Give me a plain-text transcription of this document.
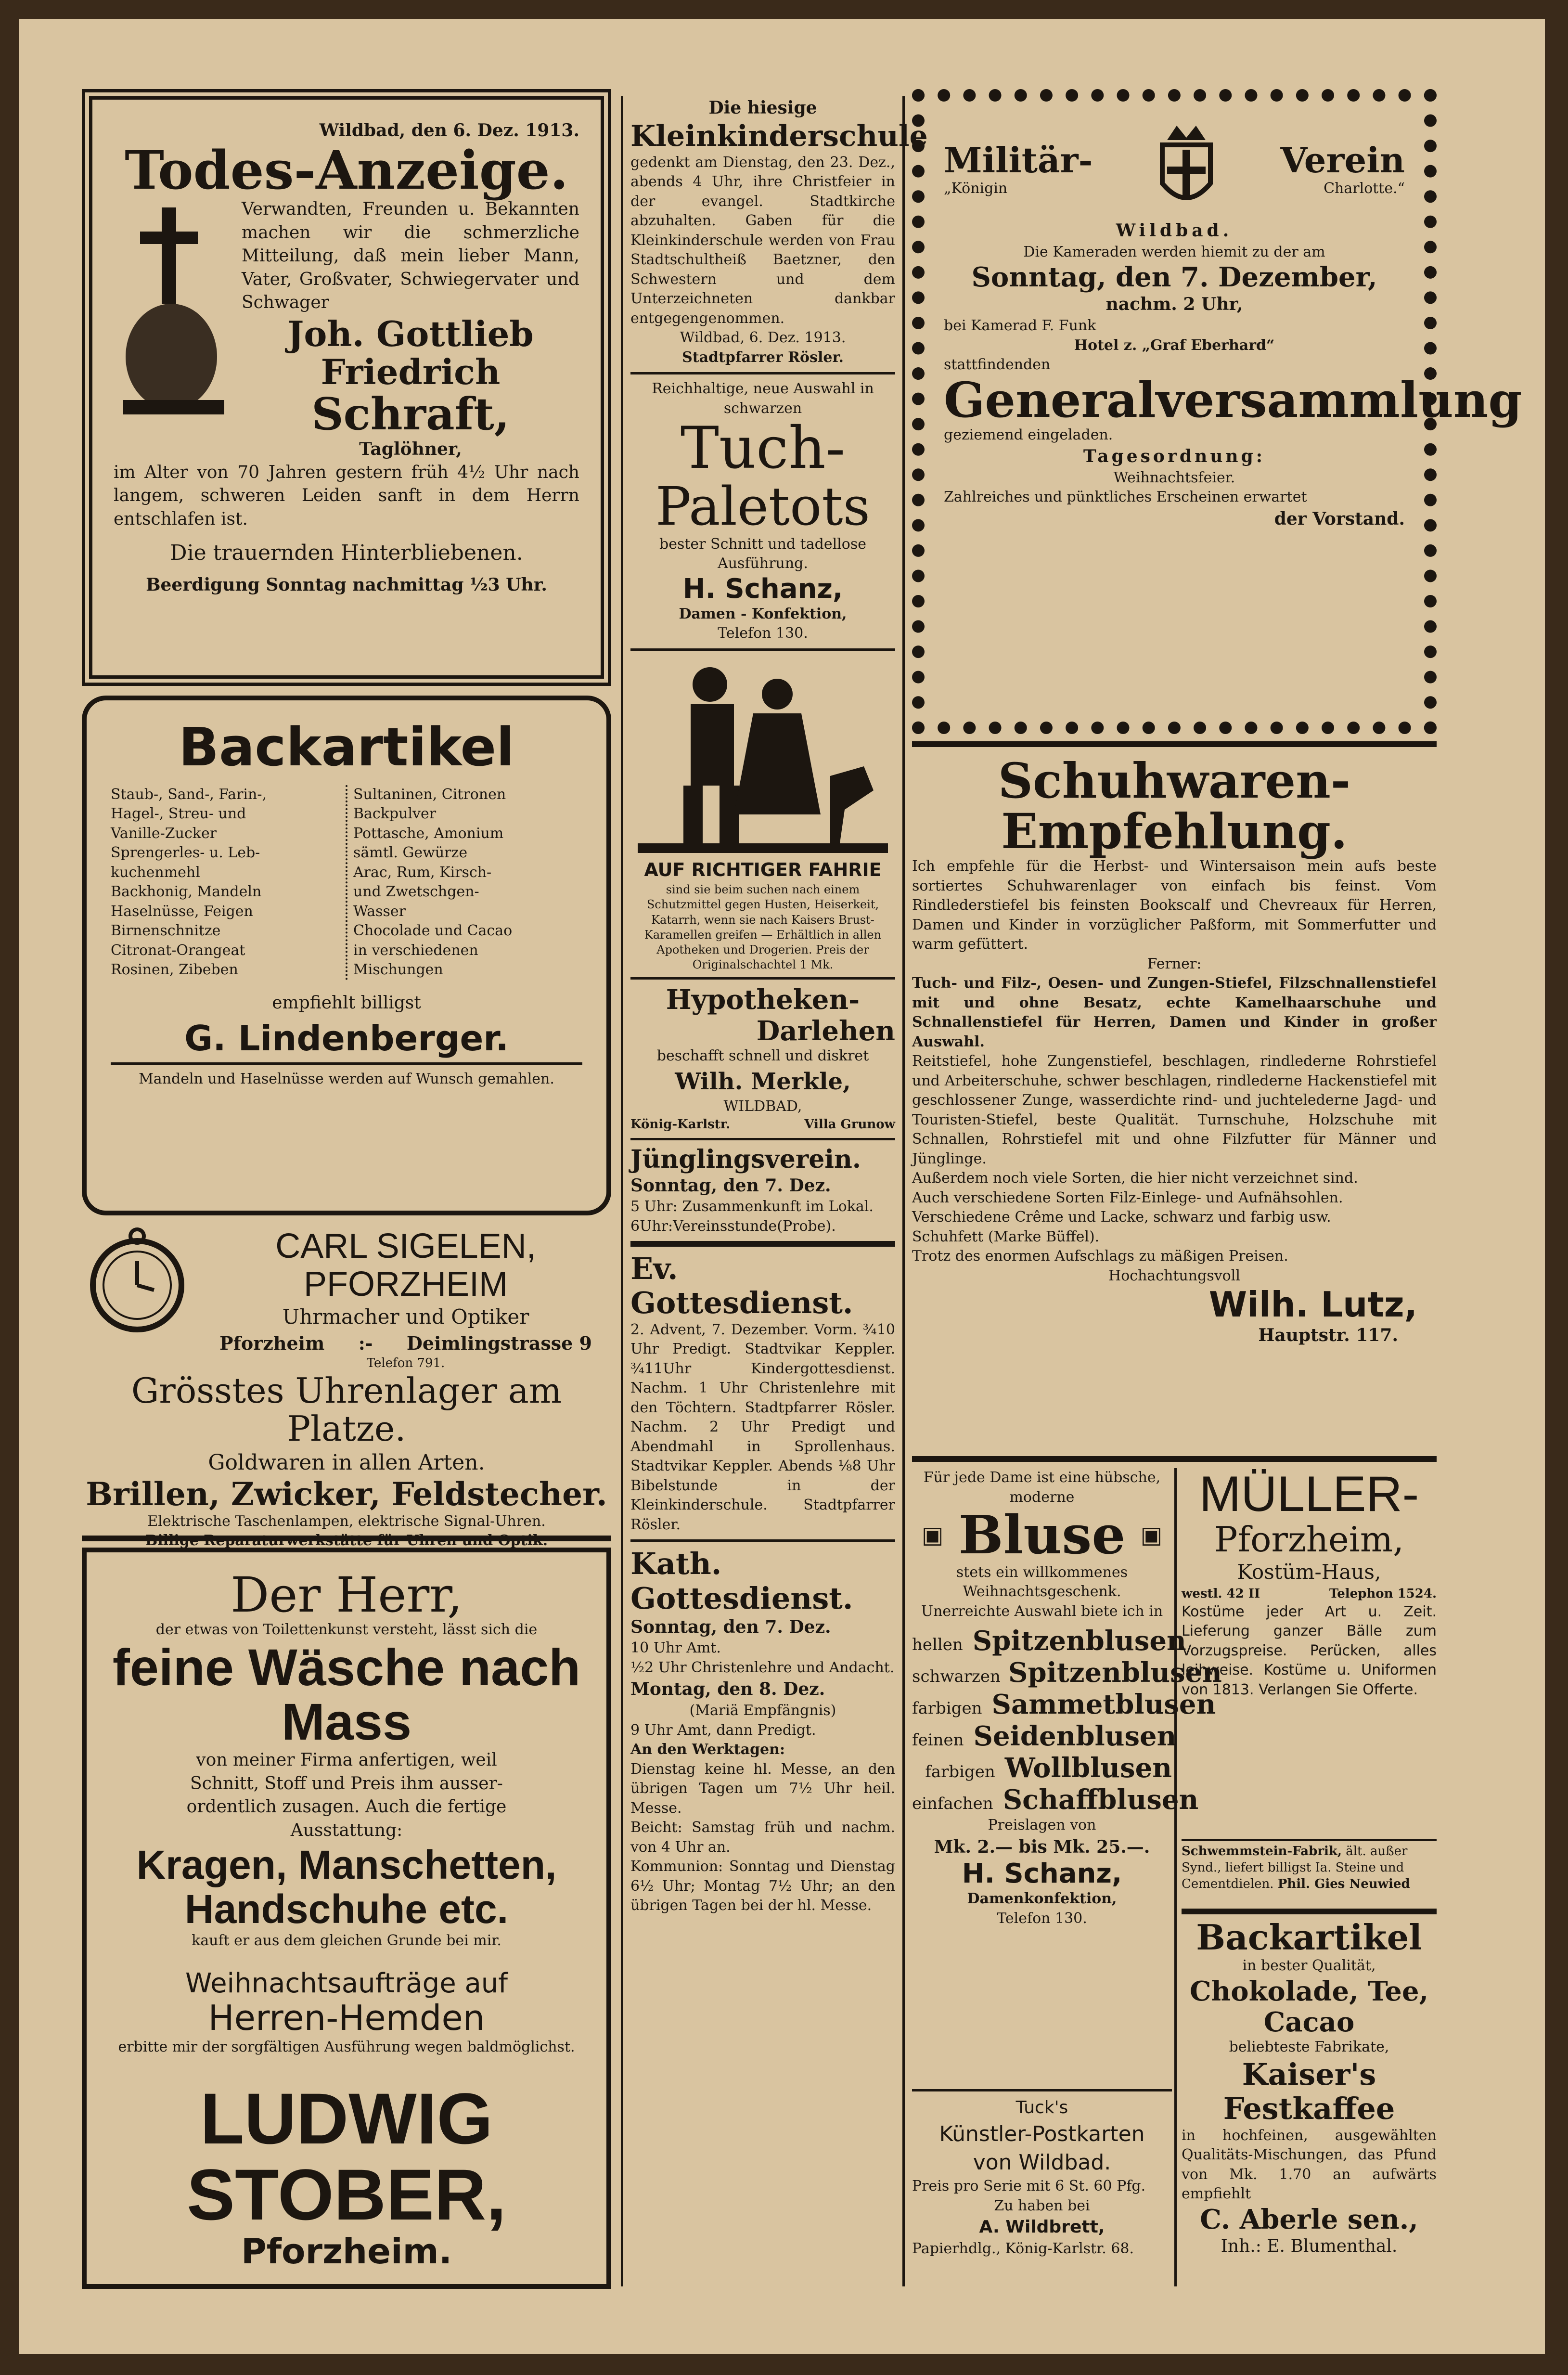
Wildbad, den 6. Dez. 1913.
Todes-Anzeige.
Verwandten, Freunden u. Bekannten machen wir die schmerzliche Mitteilung, daß mein lieber Mann, Vater, Großvater, Schwiegervater und Schwager
Joh. Gottlieb Friedrich
Schraft,
Taglöhner,
im Alter von 70 Jahren gestern früh 4½ Uhr nach langem, schweren Leiden sanft in dem Herrn entschlafen ist.
Die trauernden Hinterbliebenen.
Beerdigung Sonntag nachmittag ½3 Uhr.
Backartikel
Staub-, Sand-, Farin-,
Hagel-, Streu- und
Vanille-Zucker
Sprengerles- u. Leb-
kuchenmehl
Backhonig, Mandeln
Haselnüsse, Feigen
Birnenschnitze
Citronat-Orangeat
Rosinen, Zibeben
Sultaninen, Citronen
Backpulver
Pottasche, Amonium
sämtl. Gewürze
Arac, Rum, Kirsch-
und Zwetschgen-
Wasser
Chocolade und Cacao
in verschiedenen
Mischungen
empfiehlt billigst
G. Lindenberger.
Mandeln und Haselnüsse werden auf Wunsch gemahlen.
CARL SIGELEN, PFORZHEIM
Uhrmacher und Optiker
Pforzheim :- Deimlingstrasse 9
Telefon 791.
Grösstes Uhrenlager am Platze.
Goldwaren in allen Arten.
Brillen, Zwicker, Feldstecher.
Elektrische Taschenlampen, elektrische Signal-Uhren.
Billige Reparaturwerkstätte für Uhren und Optik.
Der Herr,
der etwas von Toilettenkunst versteht, lässt sich die
feine Wäsche nach Mass
von meiner Firma anfertigen, weil
Schnitt, Stoff und Preis ihm ausser-
ordentlich zusagen. Auch die fertige
Ausstattung:
Kragen, Manschetten,
Handschuhe etc.
kauft er aus dem gleichen Grunde bei mir.
Weihnachtsaufträge auf
Herren-Hemden
erbitte mir der sorgfältigen Ausführung wegen baldmöglichst.
LUDWIG STOBER,
Pforzheim.
Die hiesige
Kleinkinderschule
gedenkt am Dienstag, den 23. Dez., abends 4 Uhr, ihre Christfeier in der evangel. Stadtkirche abzuhalten. Gaben für die Kleinkinderschule werden von Frau Stadtschultheiß Baetzner, den Schwestern und dem Unterzeichneten dankbar entgegengenommen.
Wildbad, 6. Dez. 1913.
Stadtpfarrer Rösler.
Reichhaltige, neue Auswahl in schwarzen
Tuch-
Paletots
bester Schnitt und tadellose Ausführung.
H. Schanz,
Damen - Konfektion,
Telefon 130.
AUF RICHTIGER FAHRIE
sind sie beim suchen nach einem Schutzmittel gegen Husten, Heiserkeit, Katarrh, wenn sie nach Kaisers Brust-Karamellen greifen — Erhältlich in allen Apotheken und Drogerien. Preis der Originalschachtel 1 Mk.
Hypotheken-
Darlehen
beschafft schnell und diskret
Wilh. Merkle,
WILDBAD,
König-Karlstr.	Villa Grunow
Jünglingsverein.
Sonntag, den 7. Dez.
5 Uhr: Zusammenkunft im Lokal.
6Uhr:Vereinsstunde(Probe).
Ev. Gottesdienst.
2. Advent, 7. Dezember. Vorm. ¾10 Uhr Predigt. Stadtvikar Keppler. ¾11Uhr Kindergottesdienst. Nachm. 1 Uhr Christenlehre mit den Töchtern. Stadtpfarrer Rösler. Nachm. 2 Uhr Predigt und Abendmahl in Sprollenhaus. Stadtvikar Keppler. Abends ⅛8 Uhr Bibelstunde in der Kleinkinderschule. Stadtpfarrer Rösler.
Kath. Gottesdienst.
Sonntag, den 7. Dez.
10 Uhr Amt.
½2 Uhr Christenlehre und Andacht.
Montag, den 8. Dez.
(Mariä Empfängnis)
9 Uhr Amt, dann Predigt.
An den Werktagen:
Dienstag keine hl. Messe, an den übrigen Tagen um 7½ Uhr heil. Messe.
Beicht: Samstag früh und nachm. von 4 Uhr an.
Kommunion: Sonntag und Dienstag 6½ Uhr; Montag 7½ Uhr; an den übrigen Tagen bei der hl. Messe.
Militär-
„Königin
Verein
Charlotte.“
Wildbad.
Die Kameraden werden hiemit zu der am
Sonntag, den 7. Dezember,
nachm. 2 Uhr,
bei Kamerad F. Funk
Hotel z. „Graf Eberhard“
stattfindenden
Generalversammlung
geziemend eingeladen.
Tagesordnung:
Weihnachtsfeier.
Zahlreiches und pünktliches Erscheinen erwartet
der Vorstand.
Schuhwaren-Empfehlung.
Ich empfehle für die Herbst- und Wintersaison mein aufs beste sortiertes Schuhwarenlager von einfach bis feinst. Vom Rindlederstiefel bis feinsten Bookscalf und Chevreaux für Herren, Damen und Kinder in vorzüglicher Paßform, mit Sommerfutter und warm gefüttert.
Ferner:
Tuch- und Filz-, Oesen- und Zungen-Stiefel, Filzschnallenstiefel mit und ohne Besatz, echte Kamelhaarschuhe und Schnallenstiefel für Herren, Damen und Kinder in großer Auswahl.
Reitstiefel, hohe Zungenstiefel, beschlagen, rindlederne Rohrstiefel und Arbeiterschuhe, schwer beschlagen, rindlederne Hackenstiefel mit geschlossener Zunge, wasserdichte rind- und juchtelederne Jagd- und Touristen-Stiefel, beste Qualität. Turnschuhe, Holzschuhe mit Schnallen, Rohrstiefel mit und ohne Filzfutter für Männer und Jünglinge.
Außerdem noch viele Sorten, die hier nicht verzeichnet sind.
Auch verschiedene Sorten Filz-Einlege- und Aufnähsohlen.
Verschiedene Crême und Lacke, schwarz und farbig usw.
Schuhfett (Marke Büffel).
Trotz des enormen Aufschlags zu mäßigen Preisen.
Hochachtungsvoll
Wilh. Lutz,
Hauptstr. 117.
Für jede Dame ist eine hübsche, moderne
▣ Bluse ▣
stets ein willkommenes Weihnachtsgeschenk.
Unerreichte Auswahl biete ich in
hellen Spitzenblusen
schwarzen Spitzenblusen
farbigen Sammetblusen
feinen Seidenblusen
farbigen Wollblusen
einfachen Schaffblusen
Preislagen von
Mk. 2.— bis Mk. 25.—.
H. Schanz,
Damenkonfektion,
Telefon 130.
Tuck's
Künstler-Postkarten
von Wildbad.
Preis pro Serie mit 6 St. 60 Pfg.
Zu haben bei
A. Wildbrett,
Papierhdlg., König-Karlstr. 68.
MÜLLER-
Pforzheim,
Kostüm-Haus,
westl. 42 II	Telephon 1524.
Kostüme jeder Art u. Zeit. Lieferung ganzer Bälle zum Vorzugspreise. Perücken, alles leihweise. Kostüme u. Uniformen von 1813. Verlangen Sie Offerte.
Schwemmstein-Fabrik, ält. außer Synd., liefert billigst Ia. Steine und Cementdielen. Phil. Gies Neuwied
Backartikel
in bester Qualität,
Chokolade, Tee, Cacao
beliebteste Fabrikate,
Kaiser's Festkaffee
in hochfeinen, ausgewählten Qualitäts-Mischungen, das Pfund von Mk. 1.70 an aufwärts empfiehlt
C. Aberle sen.,
Inh.: E. Blumenthal.
